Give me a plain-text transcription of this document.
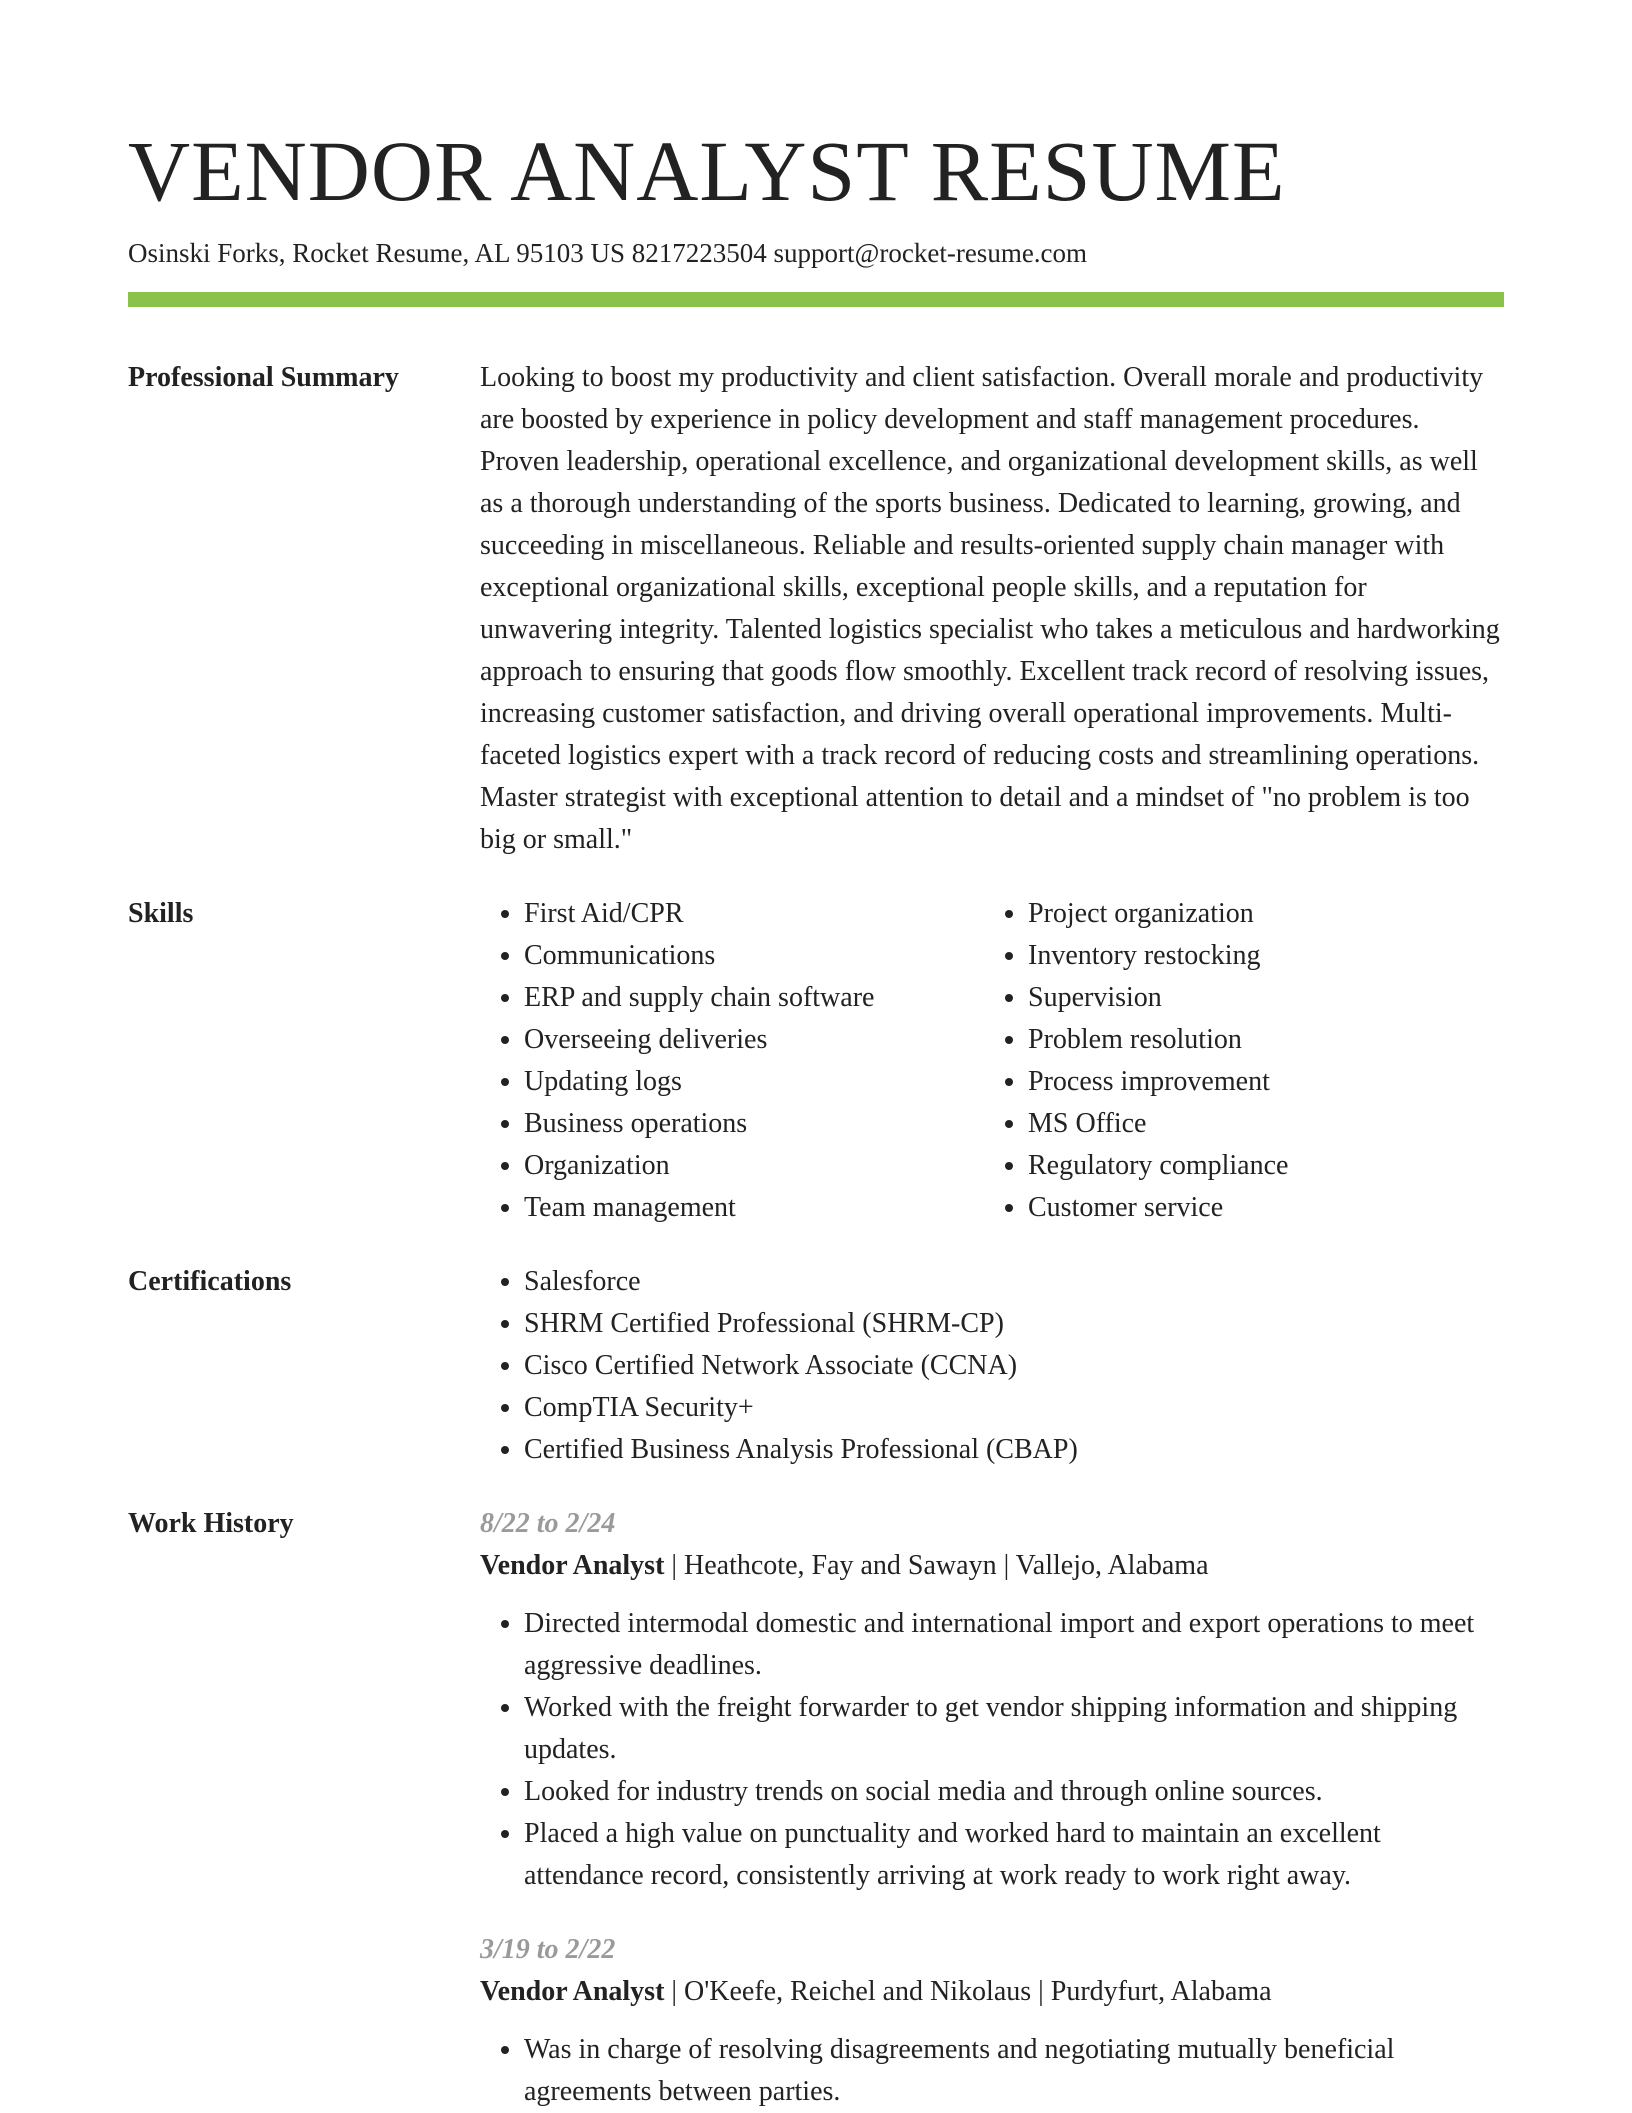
VENDOR ANALYST RESUME
Osinski Forks, Rocket Resume, AL 95103 US 8217223504 support@rocket-resume.com
Professional Summary	Looking to boost my productivity and client satisfaction. Overall morale and productivity are boosted by experience in policy development and staff management procedures. Proven leadership, operational excellence, and organizational development skills, as well as a thorough understanding of the sports business. Dedicated to learning, growing, and succeeding in miscellaneous. Reliable and results-oriented supply chain manager with exceptional organizational skills, exceptional people skills, and a reputation for unwavering integrity. Talented logistics specialist who takes a meticulous and hardworking approach to ensuring that goods flow smoothly. Excellent track record of resolving issues, increasing customer satisfaction, and driving overall operational improvements. Multi-faceted logistics expert with a track record of reducing costs and streamlining operations. Master strategist with exceptional attention to detail and a mindset of "no problem is too big or small."

Skills	• First Aid/CPR
• Communications
• ERP and supply chain software
• Overseeing deliveries
• Updating logs
• Business operations
• Organization
• Team management
• Project organization
• Inventory restocking
• Supervision
• Problem resolution
• Process improvement
• MS Office
• Regulatory compliance
• Customer service
Certifications	• Salesforce
• SHRM Certified Professional (SHRM-CP)
• Cisco Certified Network Associate (CCNA)
• CompTIA Security+
• Certified Business Analysis Professional (CBAP)
Work History	8/22 to 2/24
Vendor Analyst | Heathcote, Fay and Sawayn | Vallejo, Alabama
• Directed intermodal domestic and international import and export operations to meet aggressive deadlines.
• Worked with the freight forwarder to get vendor shipping information and shipping updates.
• Looked for industry trends on social media and through online sources.
• Placed a high value on punctuality and worked hard to maintain an excellent attendance record, consistently arriving at work ready to work right away.
3/19 to 2/22
Vendor Analyst | O'Keefe, Reichel and Nikolaus | Purdyfurt, Alabama
• Was in charge of resolving disagreements and negotiating mutually beneficial agreements between parties.
